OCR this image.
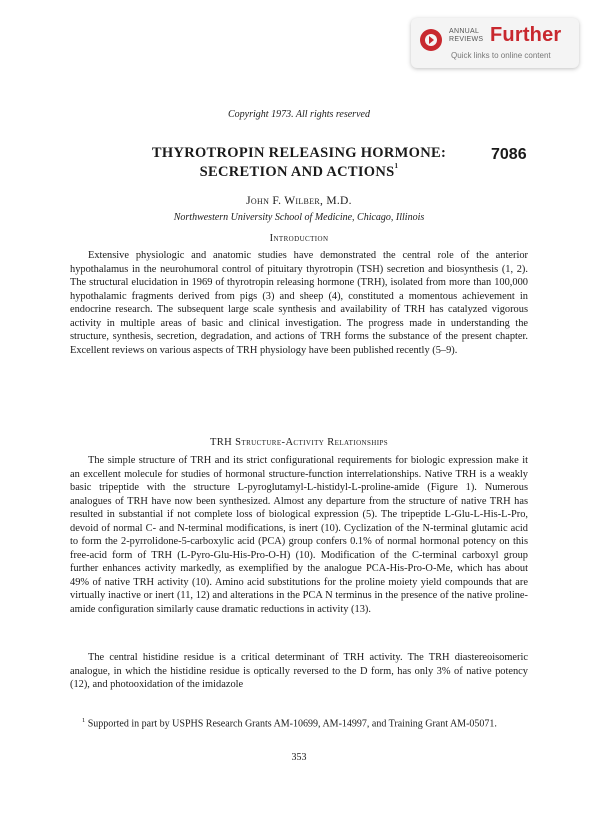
ANNUAL REVIEWS Further
Quick links to online content
Copyright 1973. All rights reserved
THYROTROPIN RELEASING HORMONE:
SECRETION AND ACTIONS$^1$
7086
John F. Wilber, M.D.
Northwestern University School of Medicine, Chicago, Illinois
Introduction

Extensive physiologic and anatomic studies have demonstrated the central role of the anterior hypothalamus in the neurohumoral control of pituitary thyrotropin (TSH) secretion and biosynthesis (1, 2). The structural elucidation in 1969 of thyrotropin releasing hormone (TRH), isolated from more than 100,000 hypothalamic fragments derived from pigs (3) and sheep (4), constituted a momentous achievement in endocrine research. The subsequent large scale synthesis and availability of TRH has catalyzed vigorous activity in multiple areas of basic and clinical investigation. The progress made in understanding the structure, synthesis, secretion, degradation, and actions of TRH forms the substance of the present chapter. Excellent reviews on various aspects of TRH physiology have been published recently (5–9).

TRH Structure-Activity Relationships

The simple structure of TRH and its strict configurational requirements for biologic expression make it an excellent molecule for studies of hormonal structure-function interrelationships. Native TRH is a weakly basic tripeptide with the structure L-pyroglutamyl-L-histidyl-L-proline-amide (Figure 1). Numerous analogues of TRH have now been synthesized. Almost any departure from the structure of native TRH has resulted in substantial if not complete loss of biological expression (5). The tripeptide L-Glu-L-His-L-Pro, devoid of normal C- and N-terminal modifications, is inert (10). Cyclization of the N-terminal glutamic acid to form the 2-pyrrolidone-5-carboxylic acid (PCA) group confers 0.1% of normal hormonal potency on this free-acid form of TRH (L-Pyro-Glu-His-Pro-O-H) (10). Modification of the C-terminal carboxyl group further enhances activity markedly, as exemplified by the analogue PCA-His-Pro-O-Me, which has about 49% of native TRH activity (10). Amino acid substitutions for the proline moiety yield compounds that are virtually inactive or inert (11, 12) and alterations in the PCA N terminus in the presence of the native proline-amide configuration similarly cause dramatic reductions in activity (13).

The central histidine residue is a critical determinant of TRH activity. The TRH diastereoisomeric analogue, in which the histidine residue is optically reversed to the D form, has only 3% of native potency (12), and photooxidation of the imidazole

$^1$ Supported in part by USPHS Research Grants AM-10699, AM-14997, and Training Grant AM-05071.

353
